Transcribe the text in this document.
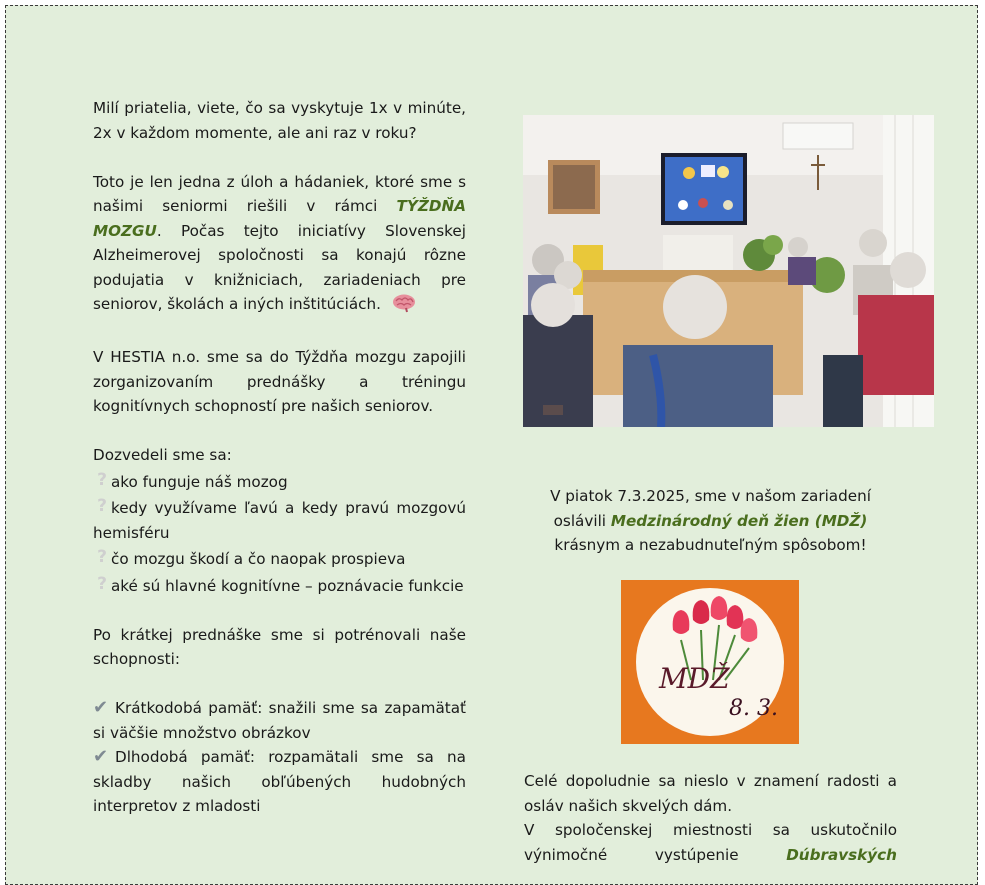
Milí priatelia, viete, čo sa vyskytuje 1x v minúte, 2x v každom momente, ale ani raz v roku?

Toto je len jedna z úloh a hádaniek, ktoré sme s našimi seniormi riešili v rámci TÝŽDŇA MOZGU. Počas tejto iniciatívy Slovenskej Alzheimerovej spoločnosti sa konajú rôzne podujatia v knižniciach, zariadeniach pre seniorov, školách a iných inštitúciách.

V HESTIA n.o. sme sa do Týždňa mozgu zapojili zorganizovaním prednášky a tréningu kognitívnych schopností pre našich seniorov.

Dozvedeli sme sa:

? ako funguje náš mozog
? kedy využívame ľavú a kedy pravú mozgovú hemisféru
? čo mozgu škodí a čo naopak prospieva
? aké sú hlavné kognitívne – poznávacie funkcie

Po krátkej prednáške sme si potrénovali naše schopnosti:

✔ Krátkodobá pamäť: snažili sme sa zapamätať si väčšie množstvo obrázkov
✔ Dlhodobá pamäť: rozpamätali sme sa na skladby našich obľúbených hudobných interpretov z mladosti
V piatok 7.3.2025, sme v našom zariadení oslávili Medzinárodný deň žien (MDŽ) krásnym a nezabudnuteľným spôsobom!
MDŽ
8. 3.

Celé dopoludnie sa nieslo v znamení radosti a osláv našich skvelých dám.

V spoločenskej miestnosti sa uskutočnilo výnimočné vystúpenie Dúbravských
